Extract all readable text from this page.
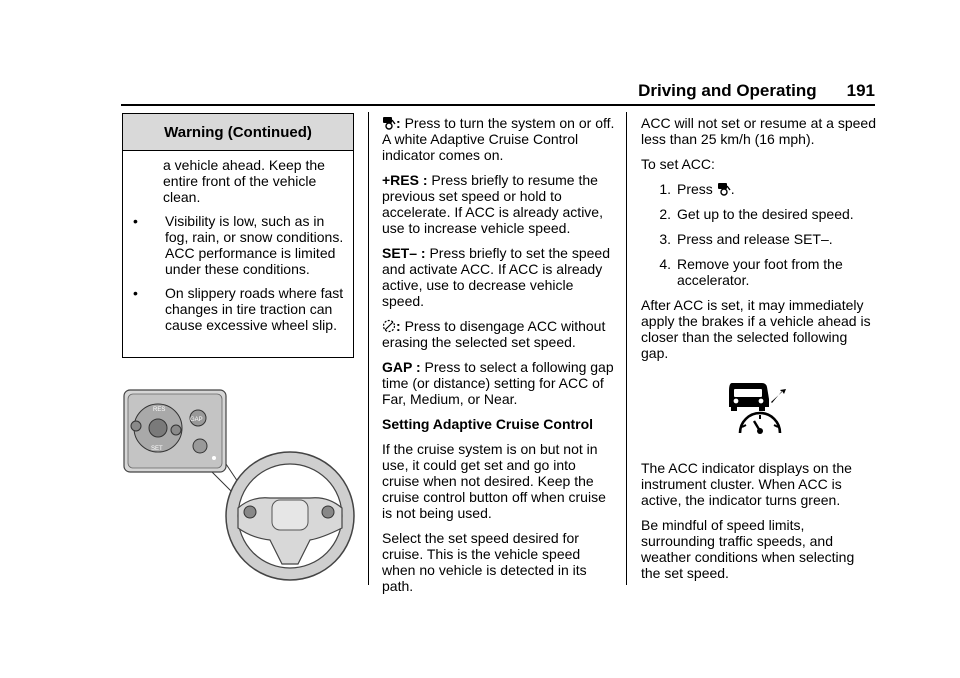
Driving and Operating 191
Warning (Continued)

a vehicle ahead. Keep the entire front of the vehicle clean.

•	Visibility is low, such as in fog, rain, or snow conditions. ACC performance is limited under these conditions.

•	On slippery roads where fast changes in tire traction can cause excessive wheel slip.

RES
SET
GAP

: Press to turn the system on or off. A white Adaptive Cruise Control indicator comes on.

+RES : Press briefly to resume the previous set speed or hold to accelerate. If ACC is already active, use to increase vehicle speed.

SET– : Press briefly to set the speed and activate ACC. If ACC is already active, use to decrease vehicle speed.

: Press to disengage ACC without erasing the selected set speed.

GAP : Press to select a following gap time (or distance) setting for ACC of Far, Medium, or Near.

Setting Adaptive Cruise Control

If the cruise system is on but not in use, it could get set and go into cruise when not desired. Keep the cruise control button off when cruise is not being used.

Select the set speed desired for cruise. This is the vehicle speed when no vehicle is detected in its path.

ACC will not set or resume at a speed less than 25 km/h (16 mph).

To set ACC:

1. Press .
2. Get up to the desired speed.
3. Press and release SET–.
4. Remove your foot from the accelerator.

After ACC is set, it may immediately apply the brakes if a vehicle ahead is closer than the selected following gap.

The ACC indicator displays on the instrument cluster. When ACC is active, the indicator turns green.

Be mindful of speed limits, surrounding traffic speeds, and weather conditions when selecting the set speed.
